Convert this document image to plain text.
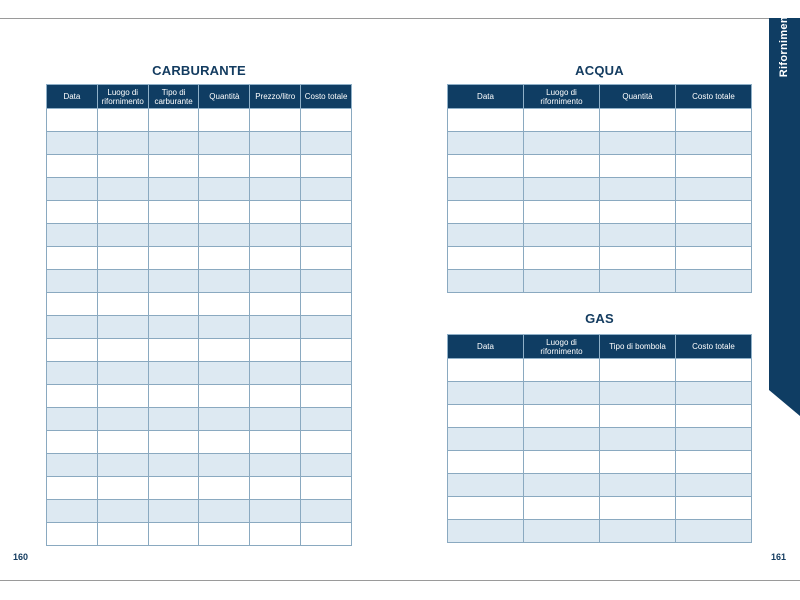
CARBURANTE
Data	Luogo di rifornimento	Tipo di carburante	Quantità	Prezzo/litro	Costo totale

160
ACQUA
Data	Luogo di rifornimento	Quantità	Costo totale

GAS
Data	Luogo di rifornimento	Tipo di bombola	Costo totale

161
Rifornimenti
